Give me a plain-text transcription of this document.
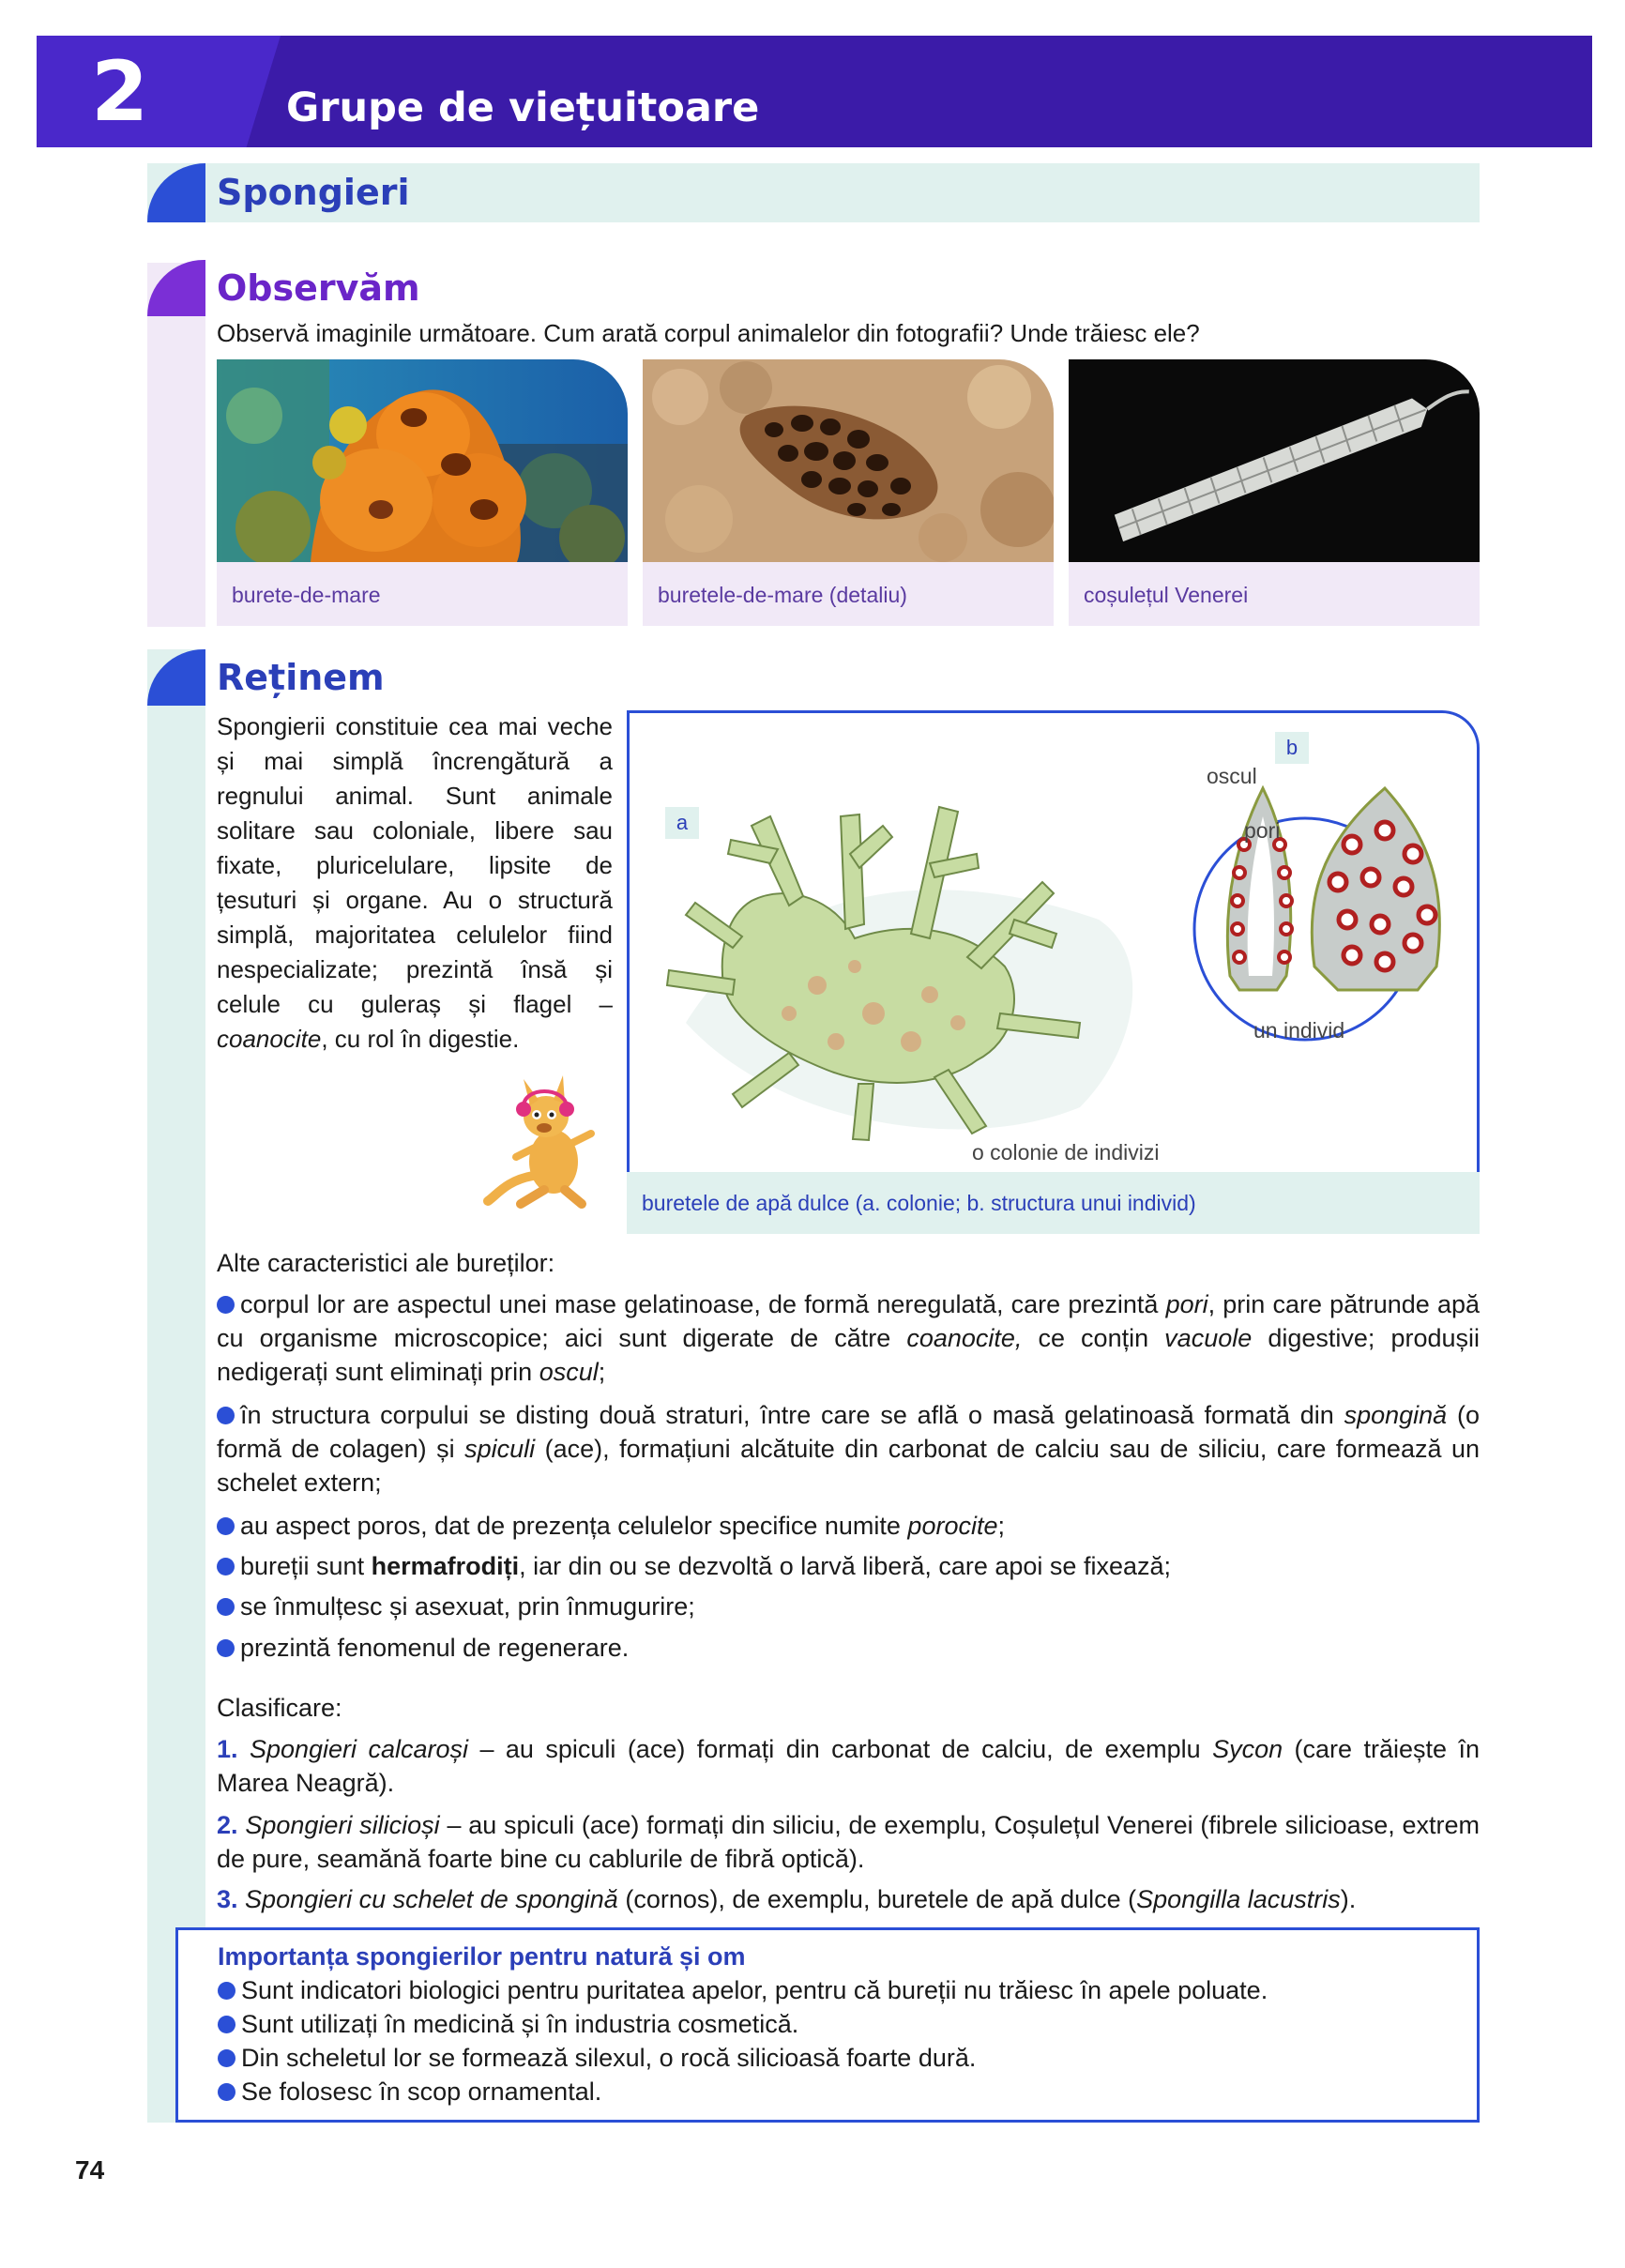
2	Grupe de viețuitoare
Spongieri
Observăm
Observă imaginile următoare. Cum arată corpul animalelor din fotografii? Unde trăiesc ele?
burete-de-mare	buretele-de-mare (detaliu)	coșulețul Venerei
Reținem
Spongierii constituie cea mai veche și mai simplă încrengătură a regnului animal. Sunt animale solitare sau coloniale, libere sau fixate, pluricelulare, lipsite de țesuturi și organe. Au o structură simplă, majoritatea celulelor fiind nespecializate; prezintă însă și celule cu guleraș și flagel – coanocite, cu rol în digestie.
a
b
oscul
pori
un individ
o colonie de indivizi
buretele de apă dulce (a. colonie; b. structura unui individ)
Alte caracteristici ale bureților:
corpul lor are aspectul unei mase gelatinoase, de formă neregulată, care prezintă pori, prin care pătrunde apă cu organisme microscopice; aici sunt digerate de către coanocite, ce conțin vacuole digestive; produșii nedigerați sunt eliminați prin oscul;
în structura corpului se disting două straturi, între care se află o masă gelatinoasă formată din spongină (o formă de colagen) și spiculi (ace), formațiuni alcătuite din carbonat de calciu sau de siliciu, care formează un schelet extern;
au aspect poros, dat de prezența celulelor specifice numite porocite;
bureții sunt hermafrodiți, iar din ou se dezvoltă o larvă liberă, care apoi se fixează;
se înmulțesc și asexuat, prin înmugurire;
prezintă fenomenul de regenerare.
Clasificare:
1. Spongieri calcaroși – au spiculi (ace) formați din carbonat de calciu, de exemplu Sycon (care trăiește în Marea Neagră).
2. Spongieri silicioși – au spiculi (ace) formați din siliciu, de exemplu, Coșulețul Venerei (fibrele silicioase, extrem de pure, seamănă foarte bine cu cablurile de fibră optică).
3. Spongieri cu schelet de spongină (cornos), de exemplu, buretele de apă dulce (Spongilla lacustris).
Importanța spongierilor pentru natură și om
Sunt indicatori biologici pentru puritatea apelor, pentru că bureții nu trăiesc în apele poluate.
Sunt utilizați în medicină și în industria cosmetică.
Din scheletul lor se formează silexul, o rocă silicioasă foarte dură.
Se folosesc în scop ornamental.
74
